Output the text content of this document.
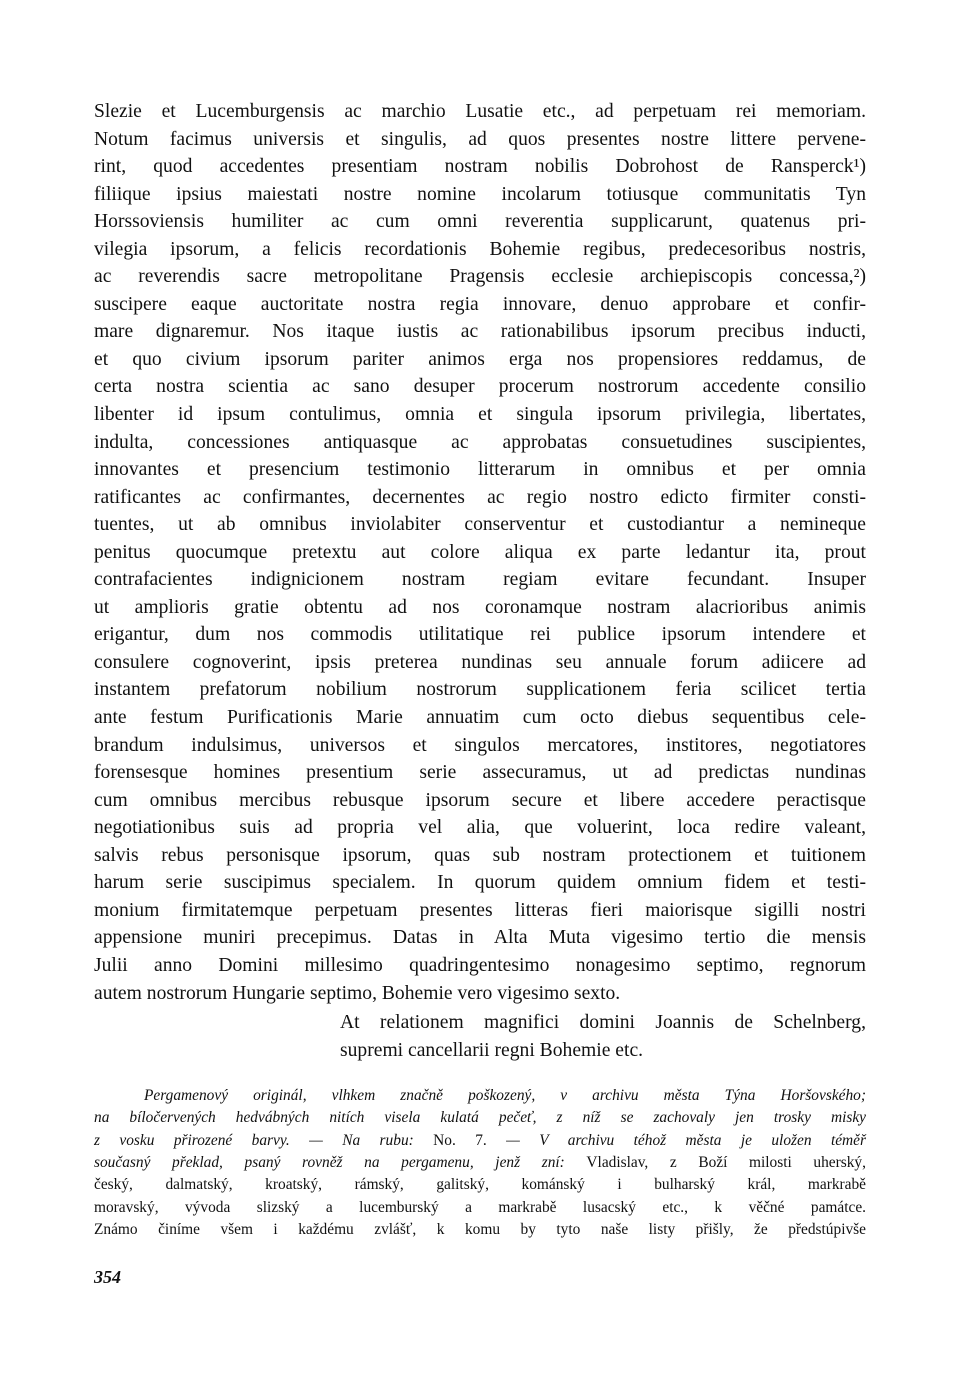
Slezie et Lucemburgensis ac marchio Lusatie etc., ad perpetuam rei memoriam.
Notum facimus universis et singulis, ad quos presentes nostre littere pervene-
rint, quod accedentes presentiam nostram nobilis Dobrohost de Ransperck¹)
filiique ipsius maiestati nostre nomine incolarum totiusque communitatis Tyn
Horssoviensis humiliter ac cum omni reverentia supplicarunt, quatenus pri-
vilegia ipsorum, a felicis recordationis Bohemie regibus, predecesoribus nostris,
ac reverendis sacre metropolitane Pragensis ecclesie archiepiscopis concessa,²)
suscipere eaque auctoritate nostra regia innovare, denuo approbare et confir-
mare dignaremur. Nos itaque iustis ac rationabilibus ipsorum precibus inducti,
et quo civium ipsorum pariter animos erga nos propensiores reddamus, de
certa nostra scientia ac sano desuper procerum nostrorum accedente consilio
libenter id ipsum contulimus, omnia et singula ipsorum privilegia, libertates,
indulta, concessiones antiquasque ac approbatas consuetudines suscipientes,
innovantes et presencium testimonio litterarum in omnibus et per omnia
ratificantes ac confirmantes, decernentes ac regio nostro edicto firmiter consti-
tuentes, ut ab omnibus inviolabiter conserventur et custodiantur a nemineque
penitus quocumque pretextu aut colore aliqua ex parte ledantur ita, prout
contrafacientes indignicionem nostram regiam evitare fecundant. Insuper
ut amplioris gratie obtentu ad nos coronamque nostram alacrioribus animis
erigantur, dum nos commodis utilitatique rei publice ipsorum intendere et
consulere cognoverint, ipsis preterea nundinas seu annuale forum adiicere ad
instantem prefatorum nobilium nostrorum supplicationem feria scilicet tertia
ante festum Purificationis Marie annuatim cum octo diebus sequentibus cele-
brandum indulsimus, universos et singulos mercatores, institores, negotiatores
forensesque homines presentium serie assecuramus, ut ad predictas nundinas
cum omnibus mercibus rebusque ipsorum secure et libere accedere peractisque
negotiationibus suis ad propria vel alia, que voluerint, loca redire valeant,
salvis rebus personisque ipsorum, quas sub nostram protectionem et tuitionem
harum serie suscipimus specialem. In quorum quidem omnium fidem et testi-
monium firmitatemque perpetuam presentes litteras fieri maiorisque sigilli nostri
appensione muniri precepimus. Datas in Alta Muta vigesimo tertio die mensis
Julii anno Domini millesimo quadringentesimo nonagesimo septimo, regnorum
autem nostrorum Hungarie septimo, Bohemie vero vigesimo sexto.
At relationem magnifici domini Joannis de Schelnberg,
supremi cancellarii regni Bohemie etc.
Pergamenový originál, vlhkem značně poškozený, v archivu města Týna Horšovského;
na bíločervených hedvábných nitích visela kulatá pečeť, z níž se zachovaly jen trosky misky
z vosku přirozené barvy. — Na rubu: No. 7. — V archivu téhož města je uložen téměř
současný překlad, psaný rovněž na pergamenu, jenž zní: Vladislav, z Boží milosti uherský,
český, dalmatský, kroatský, rámský, galitský, kománský i bulharský král, markrabě
moravský, vývoda slizský a lucemburský a markrabě lusacský etc., k věčné památce.
Známo činíme všem i každému zvlášť, k komu by tyto naše listy přišly, že předstúpivše
354
